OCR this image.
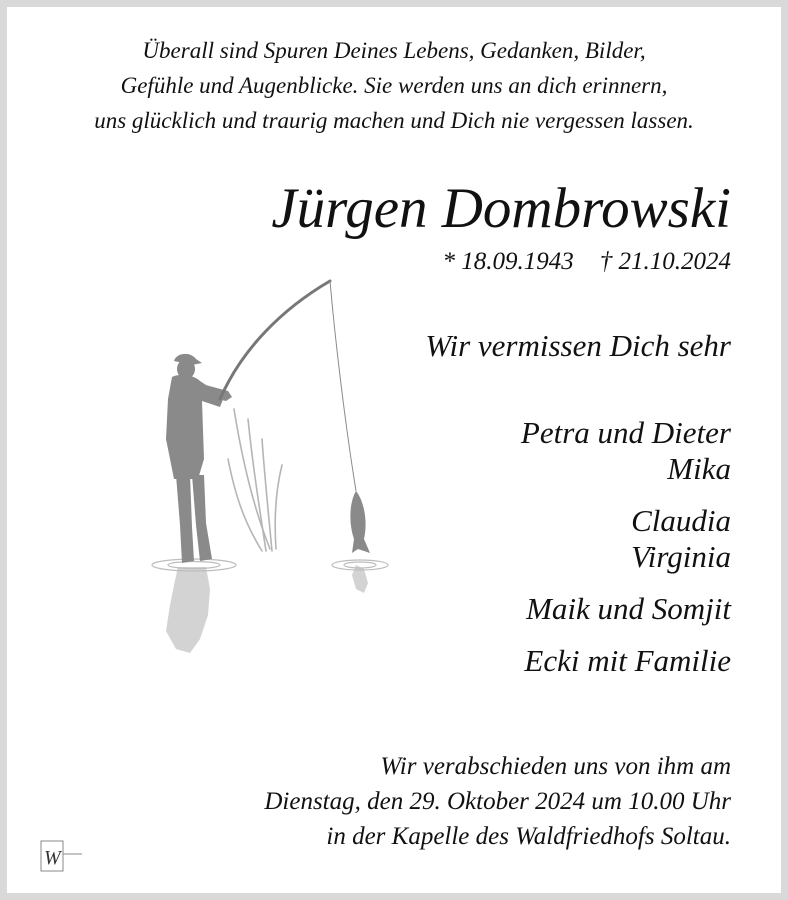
Überall sind Spuren Deines Lebens, Gedanken, Bilder,
Gefühle und Augenblicke. Sie werden uns an dich erinnern,
uns glücklich und traurig machen und Dich nie vergessen lassen.
Jürgen Dombrowski
* 18.09.1943 † 21.10.2024
Wir vermissen Dich sehr
Petra und Dieter
Mika
Claudia
Virginia
Maik und Somjit
Ecki mit Familie
Wir verabschieden uns von ihm am
Dienstag, den 29. Oktober 2024 um 10.00 Uhr
in der Kapelle des Waldfriedhofs Soltau.
W
